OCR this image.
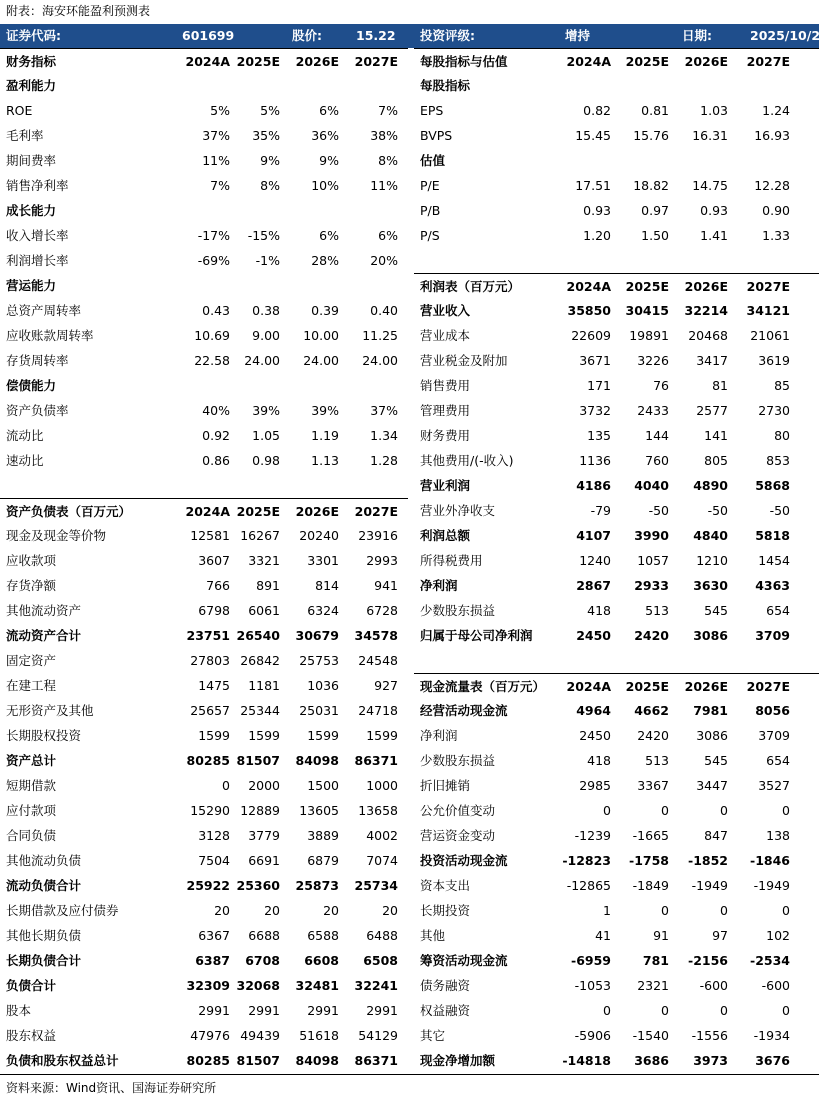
附表：海安环能盈利预测表
证券代码:	601699	股价:	15.22 投资评级:	增持	日期:	2025/10/29
财务指标	2024A 2025E	2026E	2027E
盈利能力
ROE	5%	5%	6%	7%
毛利率	37%	35%	36%	38%
期间费率	11%	9%	9%	8%
销售净利率	7%	8%	10%	11%
成长能力
收入增长率	-17%	-15%	6%	6%
利润增长率	-69%	-1%	28%	20%
营运能力
总资产周转率	0.43	0.38	0.39	0.40
应收账款周转率	10.69	9.00	10.00	11.25
存货周转率	22.58	24.00	24.00	24.00
偿债能力
资产负债率	40%	39%	39%	37%
流动比	0.92	1.05	1.19	1.34
速动比	0.86	0.98	1.13	1.28
资产负债表（百万元）	2024A 2025E	2026E	2027E
现金及现金等价物	12581 16267	20240	23916
应收款项	3607	3321	3301	2993
存货净额	766	891	814	941
其他流动资产	6798	6061	6324	6728
流动资产合计	23751 26540	30679	34578
固定资产	27803 26842	25753	24548
在建工程	1475	1181	1036	927
无形资产及其他	25657 25344	25031	24718
长期股权投资	1599	1599	1599	1599
资产总计	80285 81507	84098	86371
短期借款	0	2000	1500	1000
应付款项	15290 12889	13605	13658
合同负债	3128	3779	3889	4002
其他流动负债	7504	6691	6879	7074
流动负债合计	25922 25360	25873	25734
长期借款及应付债券	20	20	20	20
其他长期负债	6367	6688	6588	6488
长期负债合计	6387	6708	6608	6508
负债合计	32309 32068	32481	32241
股本	2991	2991	2991	2991
股东权益	47976 49439	51618	54129
负债和股东权益总计	80285 81507	84098	86371
每股指标与估值	2024A	2025E	2026E	2027E
每股指标
EPS	0.82	0.81	1.03	1.24
BVPS	15.45	15.76	16.31	16.93
估值
P/E	17.51	18.82	14.75	12.28
P/B	0.93	0.97	0.93	0.90
P/S	1.20	1.50	1.41	1.33
利润表（百万元）	2024A	2025E	2026E	2027E
营业收入	35850	30415	32214	34121
营业成本	22609	19891	20468	21061
营业税金及附加	3671	3226	3417	3619
销售费用	171	76	81	85
管理费用	3732	2433	2577	2730
财务费用	135	144	141	80
其他费用/(-收入)	1136	760	805	853
营业利润	4186	4040	4890	5868
营业外净收支	-79	-50	-50	-50
利润总额	4107	3990	4840	5818
所得税费用	1240	1057	1210	1454
净利润	2867	2933	3630	4363
少数股东损益	418	513	545	654
归属于母公司净利润	2450	2420	3086	3709
现金流量表（百万元）	2024A	2025E	2026E	2027E
经营活动现金流	4964	4662	7981	8056
净利润	2450	2420	3086	3709
少数股东损益	418	513	545	654
折旧摊销	2985	3367	3447	3527
公允价值变动	0	0	0	0
营运资金变动	-1239	-1665	847	138
投资活动现金流	-12823	-1758	-1852	-1846
资本支出	-12865	-1849	-1949	-1949
长期投资	1	0	0	0
其他	41	91	97	102
筹资活动现金流	-6959	781	-2156	-2534
债务融资	-1053	2321	-600	-600
权益融资	0	0	0	0
其它	-5906	-1540	-1556	-1934
现金净增加额	-14818	3686	3973	3676
资料来源：Wind资讯、国海证券研究所
